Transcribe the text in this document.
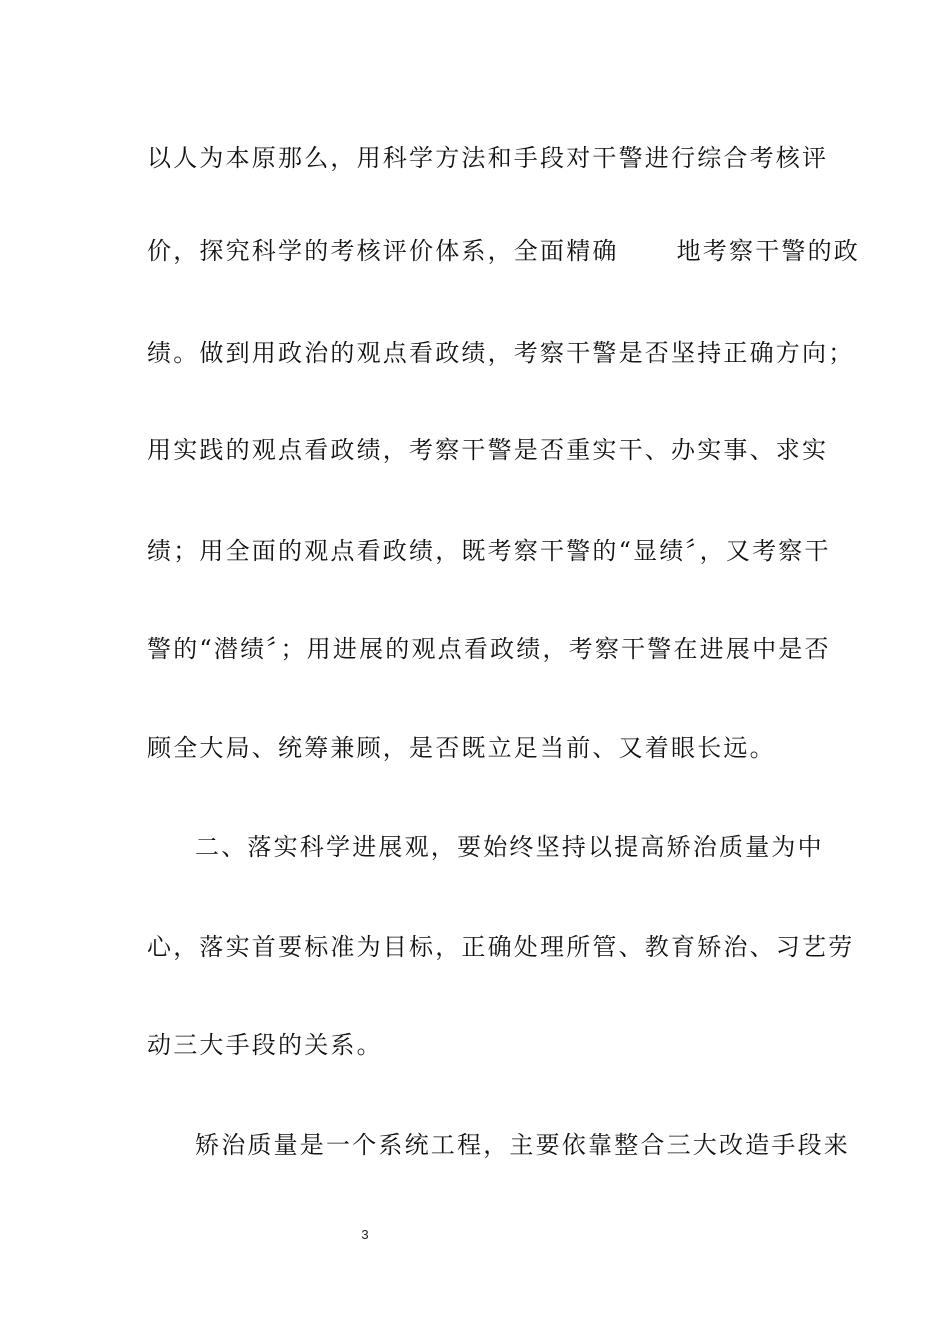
以人为本原那么，用科学方法和手段对干警进行综合考核评
价，探究科学的考核评价体系，全面精确 地考察干警的政
绩。做到用政治的观点看政绩，考察干警是否坚持正确方向；
用实践的观点看政绩，考察干警是否重实干、办实事、求实
绩；用全面的观点看政绩，既考察干警的“显绩〞，又考察干
警的“潜绩〞；用进展的观点看政绩，考察干警在进展中是否
顾全大局、统筹兼顾，是否既立足当前、又着眼长远。
二、落实科学进展观，要始终坚持以提高矫治质量为中
心，落实首要标准为目标，正确处理所管、教育矫治、习艺劳
动三大手段的关系。
矫治质量是一个系统工程，主要依靠整合三大改造手段来
3
